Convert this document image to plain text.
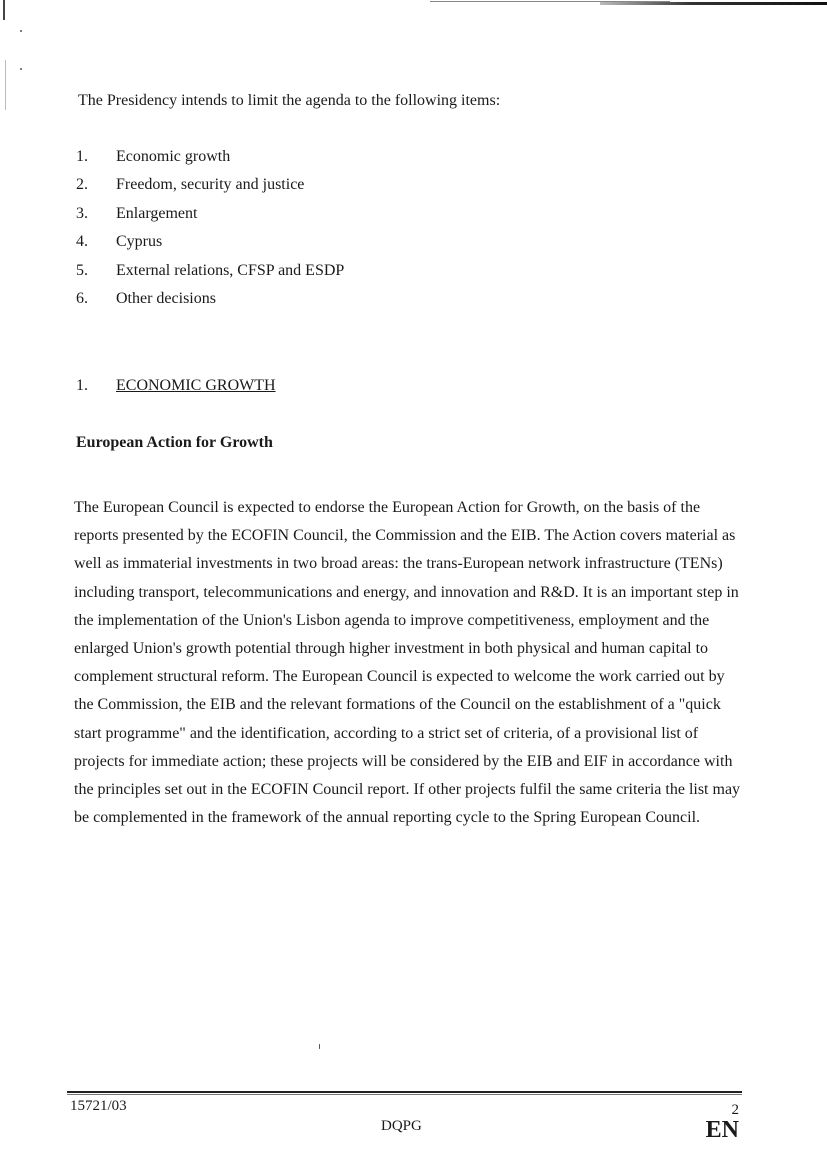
The Presidency intends to limit the agenda to the following items:
1.	Economic growth
2.	Freedom, security and justice
3.	Enlargement
4.	Cyprus
5.	External relations, CFSP and ESDP
6.	Other decisions
1.	ECONOMIC GROWTH
European Action for Growth

The European Council is expected to endorse the European Action for Growth, on the basis of the reports presented by the ECOFIN Council, the Commission and the EIB. The Action covers material as well as immaterial investments in two broad areas: the trans-European network infrastructure (TENs) including transport, telecommunications and energy, and innovation and R&D. It is an important step in the implementation of the Union's Lisbon agenda to improve competitiveness, employment and the enlarged Union's growth potential through higher investment in both physical and human capital to complement structural reform. The European Council is expected to welcome the work carried out by the Commission, the EIB and the relevant formations of the Council on the establishment of a "quick start programme" and the identification, according to a strict set of criteria, of a provisional list of projects for immediate action; these projects will be considered by the EIB and EIF in accordance with the principles set out in the ECOFIN Council report. If other projects fulfil the same criteria the list may be complemented in the framework of the annual reporting cycle to the Spring European Council.

15721/03
DQPG
2
EN
